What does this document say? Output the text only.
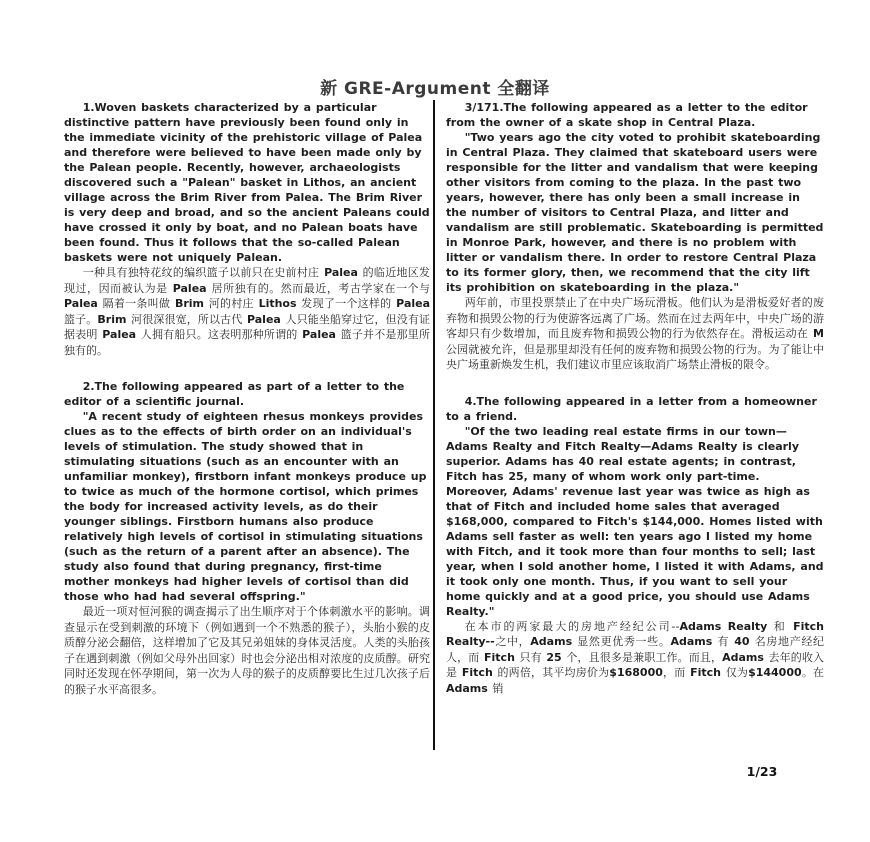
新 GRE-Argument 全翻译

1.Woven baskets characterized by a particular distinctive pattern have previously been found only in the immediate vicinity of the prehistoric village of Palea and therefore were believed to have been made only by the Palean people. Recently, however, archaeologists discovered such a "Palean" basket in Lithos, an ancient village across the Brim River from Palea. The Brim River is very deep and broad, and so the ancient Paleans could have crossed it only by boat, and no Palean boats have been found. Thus it follows that the so-called Palean baskets were not uniquely Palean.

一种具有独特花纹的编织篮子以前只在史前村庄 Palea 的临近地区发现过，因而被认为是 Palea 居所独有的。然而最近，考古学家在一个与 Palea 隔着一条叫做 Brim 河的村庄 Lithos 发现了一个这样的 Palea 篮子。Brim 河很深很宽，所以古代 Palea 人只能坐船穿过它，但没有证据表明 Palea 人拥有船只。这表明那种所谓的 Palea 篮子并不是那里所独有的。

2.The following appeared as part of a letter to the editor of a scientific journal.

"A recent study of eighteen rhesus monkeys provides clues as to the effects of birth order on an individual's levels of stimulation. The study showed that in stimulating situations (such as an encounter with an unfamiliar monkey), firstborn infant monkeys produce up to twice as much of the hormone cortisol, which primes the body for increased activity levels, as do their younger siblings. Firstborn humans also produce relatively high levels of cortisol in stimulating situations (such as the return of a parent after an absence). The study also found that during pregnancy, first-time mother monkeys had higher levels of cortisol than did those who had had several offspring."

最近一项对恒河猴的调查揭示了出生顺序对于个体刺激水平的影响。调查显示在受到刺激的环境下（例如遇到一个不熟悉的猴子），头胎小猴的皮质醇分泌会翻倍，这样增加了它及其兄弟姐妹的身体灵活度。人类的头胎孩子在遇到刺激（例如父母外出回家）时也会分泌出相对浓度的皮质醇。研究同时还发现在怀孕期间，第一次为人母的猴子的皮质醇要比生过几次孩子后的猴子水平高很多。

3/171.The following appeared as a letter to the editor from the owner of a skate shop in Central Plaza.

"Two years ago the city voted to prohibit skateboarding in Central Plaza. They claimed that skateboard users were responsible for the litter and vandalism that were keeping other visitors from coming to the plaza. In the past two years, however, there has only been a small increase in the number of visitors to Central Plaza, and litter and vandalism are still problematic. Skateboarding is permitted in Monroe Park, however, and there is no problem with litter or vandalism there. In order to restore Central Plaza to its former glory, then, we recommend that the city lift its prohibition on skateboarding in the plaza."

两年前，市里投票禁止了在中央广场玩滑板。他们认为是滑板爱好者的废弃物和损毁公物的行为使游客远离了广场。然而在过去两年中，中央广场的游客却只有少数增加，而且废弃物和损毁公物的行为依然存在。滑板运动在 M 公园就被允许，但是那里却没有任何的废弃物和损毁公物的行为。为了能让中央广场重新焕发生机，我们建议市里应该取消广场禁止滑板的限令。

4.The following appeared in a letter from a homeowner to a friend.

"Of the two leading real estate firms in our town—Adams Realty and Fitch Realty—Adams Realty is clearly superior. Adams has 40 real estate agents; in contrast, Fitch has 25, many of whom work only part-time. Moreover, Adams' revenue last year was twice as high as that of Fitch and included home sales that averaged $168,000, compared to Fitch's $144,000. Homes listed with Adams sell faster as well: ten years ago I listed my home with Fitch, and it took more than four months to sell; last year, when I sold another home, I listed it with Adams, and it took only one month. Thus, if you want to sell your home quickly and at a good price, you should use Adams Realty."

在本市的两家最大的房地产经纪公司--Adams Realty 和 Fitch Realty--之中，Adams 显然更优秀一些。Adams 有 40 名房地产经纪人，而 Fitch 只有 25 个，且很多是兼职工作。而且，Adams 去年的收入是 Fitch 的两倍，其平均房价为$168000，而 Fitch 仅为$144000。在 Adams 销

1/23
